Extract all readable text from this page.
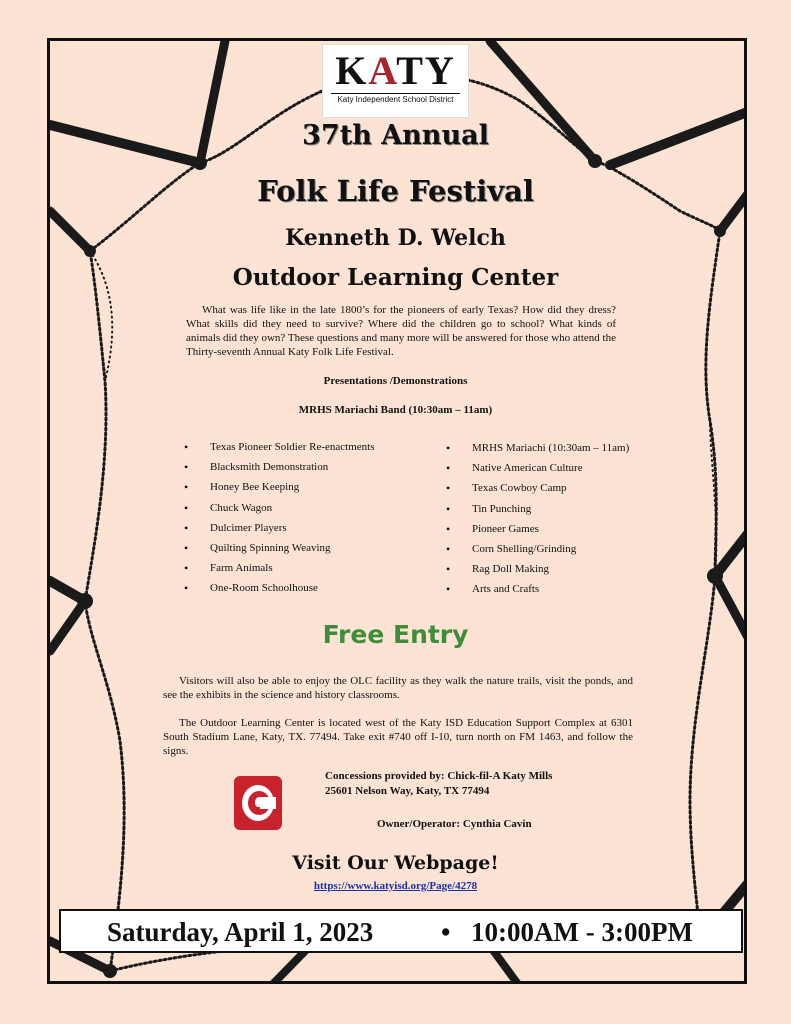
KATY
Katy Independent School District
37th Annual
Folk Life Festival
Kenneth D. Welch
Outdoor Learning Center
What was life like in the late 1800’s for the pioneers of early Texas? How did they dress? What skills did they need to survive? Where did the children go to school? What kinds of animals did they own? These questions and many more will be answered for those who attend the Thirty-seventh Annual Katy Folk Life Festival.
Presentations /Demonstrations
MRHS Mariachi Band (10:30am – 11am)
• Texas Pioneer Soldier Re-enactments
• Blacksmith Demonstration
• Honey Bee Keeping
• Chuck Wagon
• Dulcimer Players
• Quilting Spinning Weaving
• Farm Animals
• One-Room Schoolhouse
• MRHS Mariachi (10:30am – 11am)
• Native American Culture
• Texas Cowboy Camp
• Tin Punching
• Pioneer Games
• Corn Shelling/Grinding
• Rag Doll Making
• Arts and Crafts
Free Entry
Visitors will also be able to enjoy the OLC facility as they walk the nature trails, visit the ponds, and see the exhibits in the science and history classrooms.
The Outdoor Learning Center is located west of the Katy ISD Education Support Complex at 6301 South Stadium Lane, Katy, TX. 77494. Take exit #740 off I-10, turn north on FM 1463, and follow the signs.
Concessions provided by: Chick-fil-A Katy Mills
25601 Nelson Way, Katy, TX 77494
Owner/Operator: Cynthia Cavin
Visit Our Webpage!
https://www.katyisd.org/Page/4278
Saturday, April 1, 2023	• 10:00AM - 3:00PM
